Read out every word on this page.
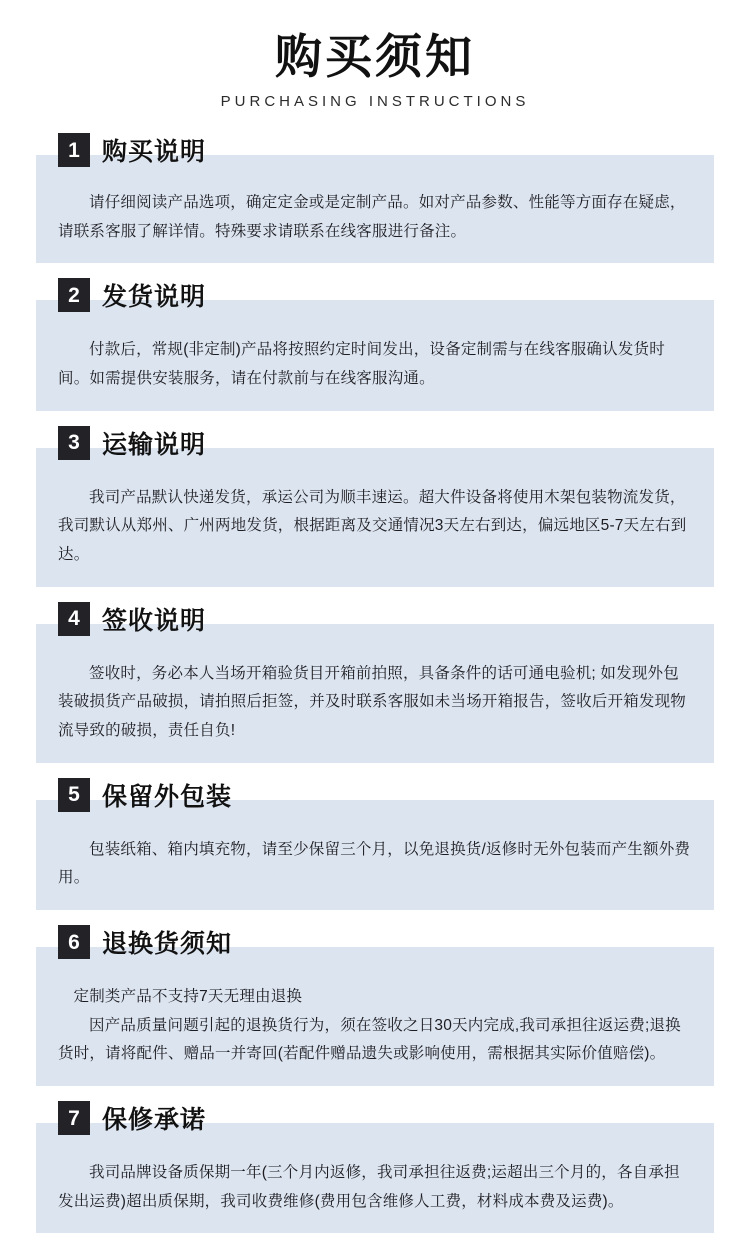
购买须知
PURCHASING INSTRUCTIONS
1 购买说明

请仔细阅读产品选项，确定定金或是定制产品。如对产品参数、性能等方面存在疑虑，请联系客服了解详情。特殊要求请联系在线客服进行备注。

2 发货说明

付款后，常规(非定制)产品将按照约定时间发出，设备定制需与在线客服确认发货时间。如需提供安装服务，请在付款前与在线客服沟通。

3 运输说明

我司产品默认快递发货，承运公司为顺丰速运。超大件设备将使用木架包装物流发货，我司默认从郑州、广州两地发货，根据距离及交通情况3天左右到达，偏远地区5-7天左右到达。

4 签收说明

签收时，务必本人当场开箱验货目开箱前拍照，具备条件的话可通电验机; 如发现外包装破损货产品破损，请拍照后拒签，并及时联系客服如未当场开箱报告，签收后开箱发现物流导致的破损，责任自负!

5 保留外包装

包装纸箱、箱内填充物，请至少保留三个月，以免退换货/返修时无外包装而产生额外费用。

6 退换货须知

定制类产品不支持7天无理由退换

因产品质量问题引起的退换货行为，须在签收之日30天内完成,我司承担往返运费;退换货时，请将配件、赠品一并寄回(若配件赠品遗失或影响使用，需根据其实际价值赔偿)。

7 保修承诺

我司品牌设备质保期一年(三个月内返修，我司承担往返费;运超出三个月的，各自承担发出运费)超出质保期，我司收费维修(费用包含维修人工费，材料成本费及运费)。
